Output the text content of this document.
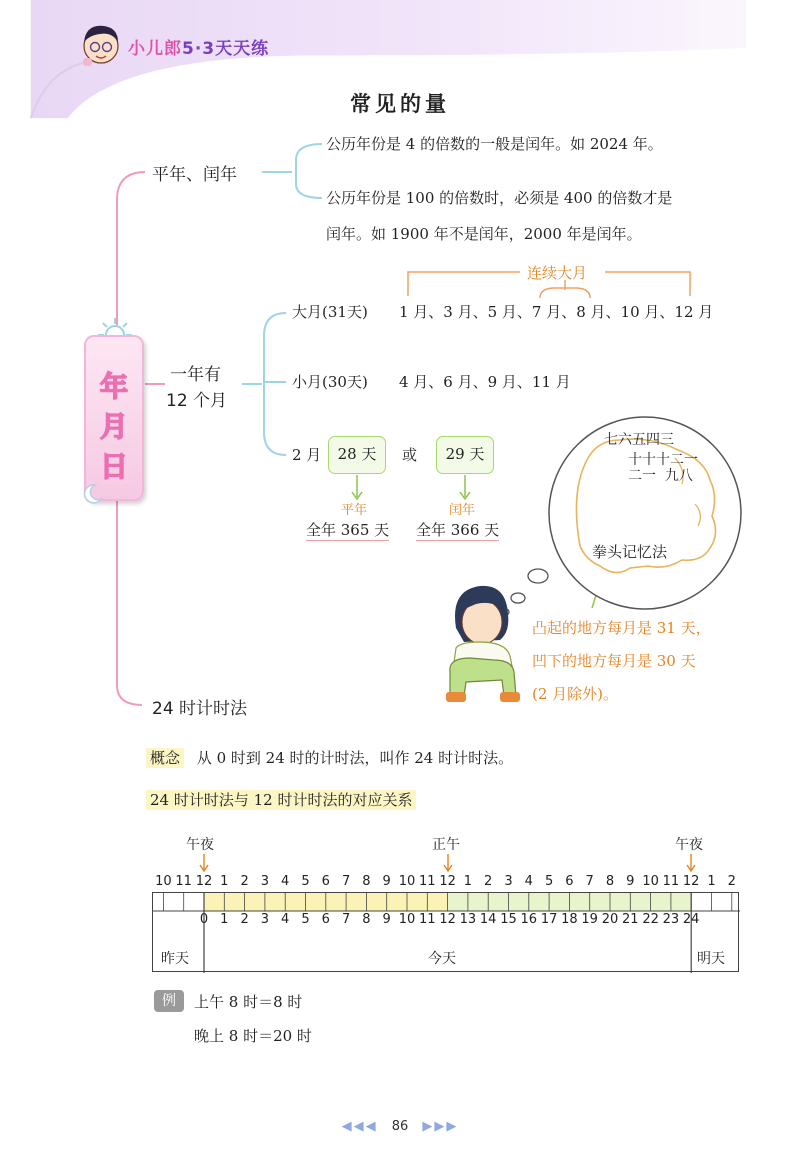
小儿郎5·3天天练
常见的量
年
月
日
平年、闰年
公历年份是 4 的倍数的一般是闰年。如 2024 年。
公历年份是 100 的倍数时，必须是 400 的倍数才是
闰年。如 1900 年不是闰年，2000 年是闰年。
一年有
12 个月
连续大月
大月(31天) 1 月、3 月、5 月、7 月、8 月、10 月、12 月
小月(30天) 4 月、6 月、9 月、11 月
2 月	28 天	或	29 天
平年
全年 365 天
闰年
全年 366 天
七六五四三
十十十二一
二一  九八
拳头记忆法
凸起的地方每月是 31 天，
凹下的地方每月是 30 天
(2 月除外)。
24 时计时法
概念 从 0 时到 24 时的计时法，叫作 24 时计时法。
24 时计时法与 12 时计时法的对应关系
午夜	正午	午夜
10 11 12 1 2 3 4 5 6 7 8 9 10 11 12 1 2 3 4 5 6 7 8 9 10 11 12 1 2
0 1 2 3 4 5 6 7 8 9 10 11 12 13 14 15 16 17 18 19 20 21 22 23 24
昨天	今天	明天
例	上午 8 时＝8 时
晚上 8 时＝20 时
◀◀◀ 86 ▶▶▶
